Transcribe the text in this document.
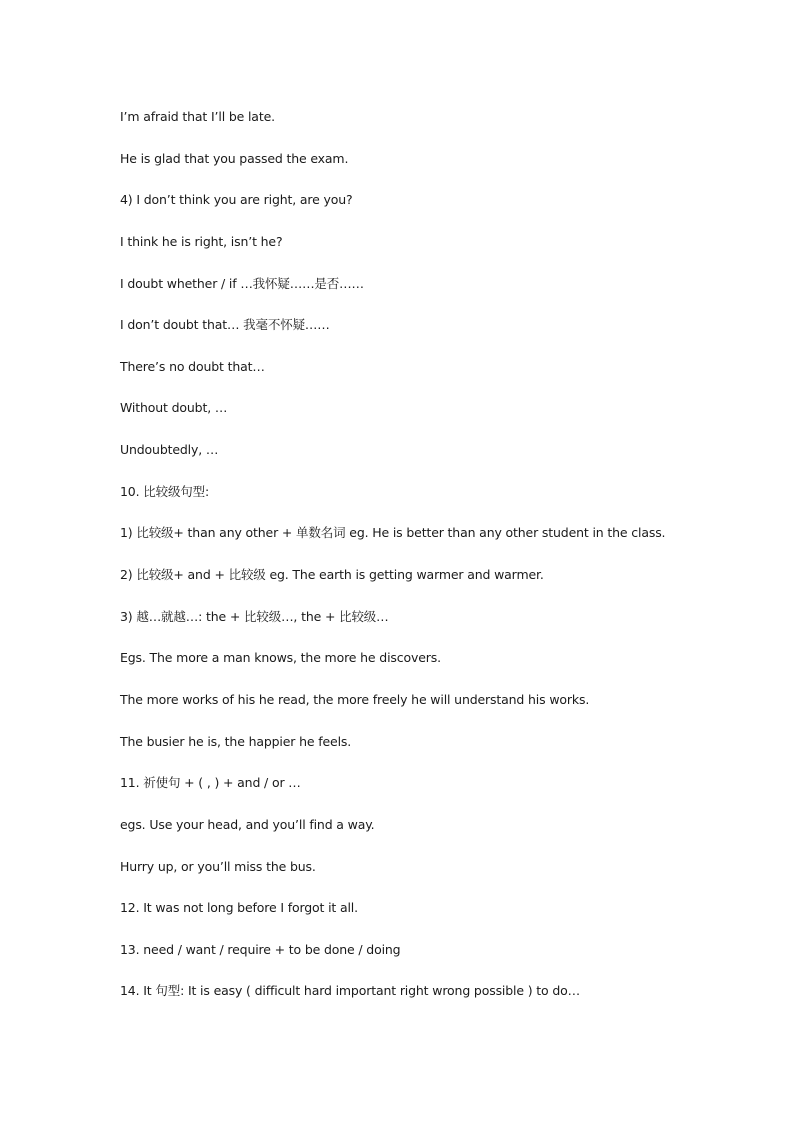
I’m afraid that I’ll be late.
He is glad that you passed the exam.
4) I don’t think you are right, are you?
I think he is right, isn’t he?
I doubt whether / if …我怀疑……是否……
I don’t doubt that… 我毫不怀疑……
There’s no doubt that…
Without doubt, …
Undoubtedly, …
10. 比较级句型:
1) 比较级+ than any other + 单数名词 eg. He is better than any other student in the class.
2) 比较级+ and + 比较级 eg. The earth is getting warmer and warmer.
3) 越…就越…: the + 比较级…, the + 比较级…
Egs. The more a man knows, the more he discovers.
The more works of his he read, the more freely he will understand his works.
The busier he is, the happier he feels.
11. 祈使句 + ( , ) + and / or …
egs. Use your head, and you’ll find a way.
Hurry up, or you’ll miss the bus.
12. It was not long before I forgot it all.
13. need / want / require + to be done / doing
14. It 句型: It is easy ( difficult hard important right wrong possible ) to do…
